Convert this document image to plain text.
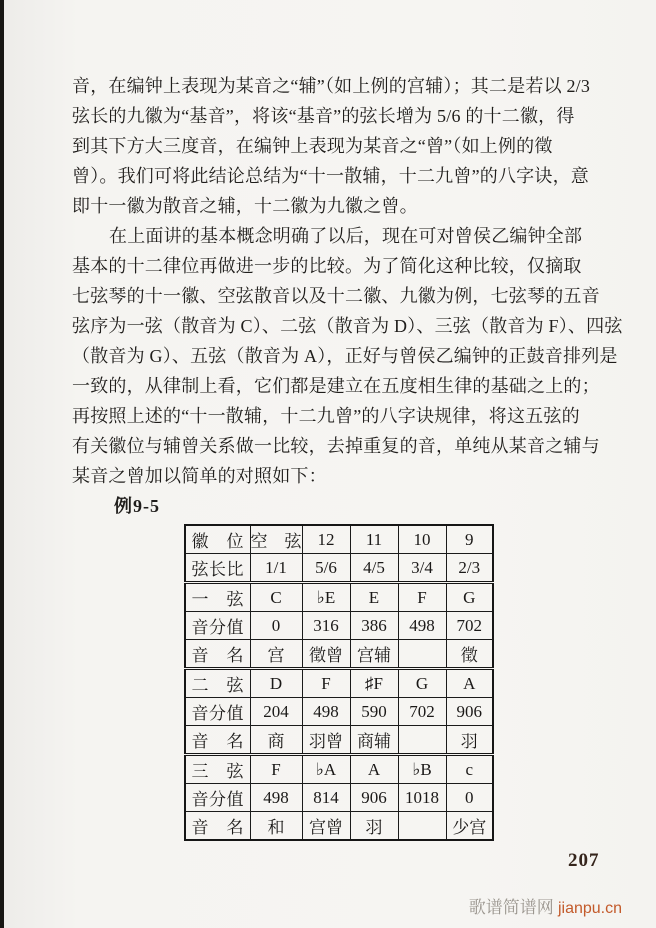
音，在编钟上表现为某音之“辅”（如上例的宫辅）；其二是若以 2/3
弦长的九徽为“基音”，将该“基音”的弦长增为 5/6 的十二徽，得
到其下方大三度音，在编钟上表现为某音之“曾”（如上例的徵
曾）。我们可将此结论总结为“十一散辅，十二九曾”的八字诀，意
即十一徽为散音之辅，十二徽为九徽之曾。
在上面讲的基本概念明确了以后，现在可对曾侯乙编钟全部
基本的十二律位再做进一步的比较。为了简化这种比较，仅摘取
七弦琴的十一徽、空弦散音以及十二徽、九徽为例，七弦琴的五音
弦序为一弦（散音为 C）、二弦（散音为 D）、三弦（散音为 F）、四弦
（散音为 G）、五弦（散音为 A），正好与曾侯乙编钟的正鼓音排列是
一致的，从律制上看，它们都是建立在五度相生律的基础之上的；
再按照上述的“十一散辅，十二九曾”的八字诀规律，将这五弦的
有关徽位与辅曾关系做一比较，去掉重复的音，单纯从某音之辅与
某音之曾加以简单的对照如下：
例9-5
徽 位	空 弦	12	11	10	9
弦长比	1/1	5/6	4/5	3/4	2/3
一 弦	C	♭E	E	F	G
音分值	0	316	386	498	702
音 名	宫	徵曾	宫辅		徵
二 弦	D	F	♯F	G	A
音分值	204	498	590	702	906
音 名	商	羽曾	商辅		羽
三 弦	F	♭A	A	♭B	c
音分值	498	814	906	1018	0
音 名	和	宫曾	羽		少宫
207
歌谱简谱网 jianpu.cn
